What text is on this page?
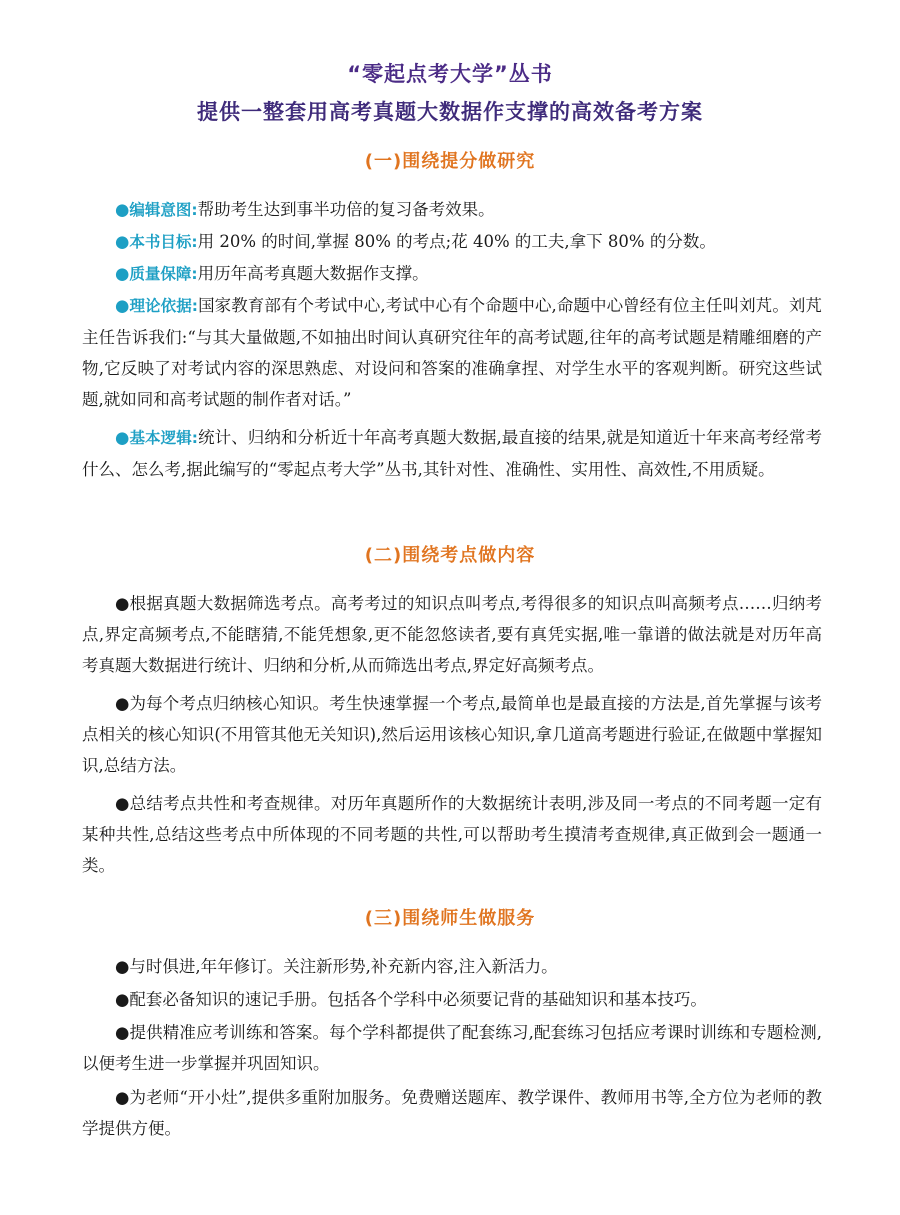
“零起点考大学”丛书
提供一整套用高考真题大数据作支撑的高效备考方案
(一)围绕提分做研究

●编辑意图:帮助考生达到事半功倍的复习备考效果。

●本书目标:用 20% 的时间,掌握 80% 的考点;花 40% 的工夫,拿下 80% 的分数。

●质量保障:用历年高考真题大数据作支撑。

●理论依据:国家教育部有个考试中心,考试中心有个命题中心,命题中心曾经有位主任叫刘芃。刘芃主任告诉我们:“与其大量做题,不如抽出时间认真研究往年的高考试题,往年的高考试题是精雕细磨的产物,它反映了对考试内容的深思熟虑、对设问和答案的准确拿捏、对学生水平的客观判断。研究这些试题,就如同和高考试题的制作者对话。”

●基本逻辑:统计、归纳和分析近十年高考真题大数据,最直接的结果,就是知道近十年来高考经常考什么、怎么考,据此编写的“零起点考大学”丛书,其针对性、准确性、实用性、高效性,不用质疑。

(二)围绕考点做内容

●根据真题大数据筛选考点。高考考过的知识点叫考点,考得很多的知识点叫高频考点……归纳考点,界定高频考点,不能瞎猜,不能凭想象,更不能忽悠读者,要有真凭实据,唯一靠谱的做法就是对历年高考真题大数据进行统计、归纳和分析,从而筛选出考点,界定好高频考点。

●为每个考点归纳核心知识。考生快速掌握一个考点,最简单也是最直接的方法是,首先掌握与该考点相关的核心知识(不用管其他无关知识),然后运用该核心知识,拿几道高考题进行验证,在做题中掌握知识,总结方法。

●总结考点共性和考查规律。对历年真题所作的大数据统计表明,涉及同一考点的不同考题一定有某种共性,总结这些考点中所体现的不同考题的共性,可以帮助考生摸清考查规律,真正做到会一题通一类。

(三)围绕师生做服务

●与时俱进,年年修订。关注新形势,补充新内容,注入新活力。

●配套必备知识的速记手册。包括各个学科中必须要记背的基础知识和基本技巧。

●提供精准应考训练和答案。每个学科都提供了配套练习,配套练习包括应考课时训练和专题检测,以便考生进一步掌握并巩固知识。

●为老师“开小灶”,提供多重附加服务。免费赠送题库、教学课件、教师用书等,全方位为老师的教学提供方便。
